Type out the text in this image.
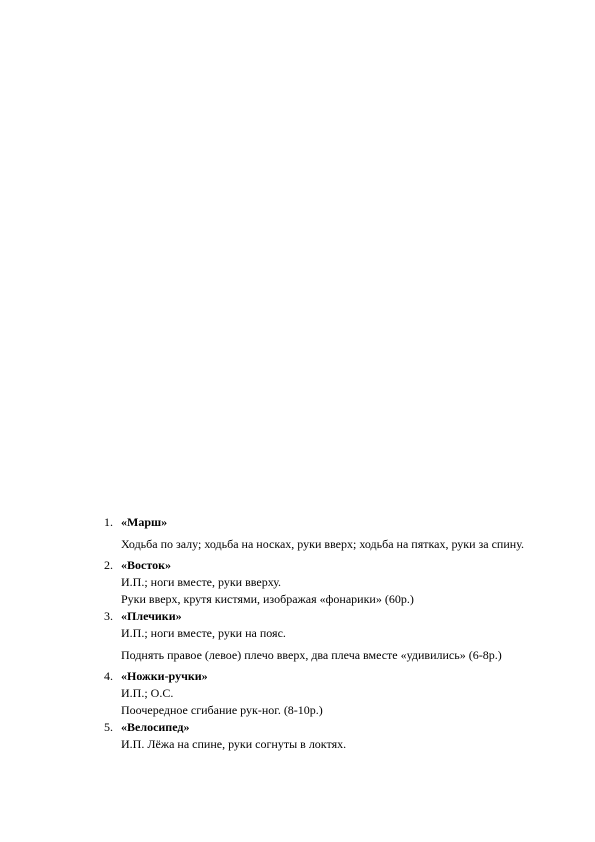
1. «Марш»
Ходьба по залу; ходьба на носках, руки вверх; ходьба на пятках, руки за спину.
2. «Восток»
И.П.; ноги вместе, руки вверху.
Руки вверх, крутя кистями, изображая «фонарики» (60р.)
3. «Плечики»
И.П.; ноги вместе, руки на пояс.
Поднять правое (левое) плечо вверх, два плеча вместе «удивились» (6-8р.)
4. «Ножки-ручки»
И.П.; О.С.
Поочередное сгибание рук-ног. (8-10р.)
5. «Велосипед»
И.П. Лёжа на спине, руки согнуты в локтях.
